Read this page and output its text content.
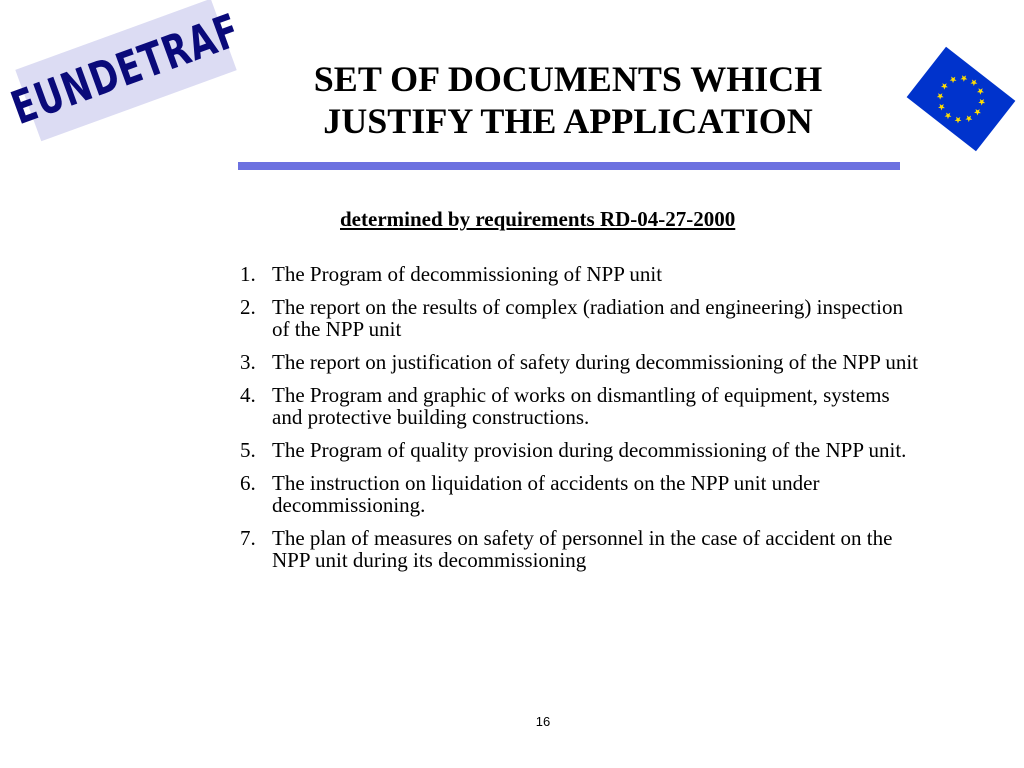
EUNDETRAF	SET OF DOCUMENTS WHICH
JUSTIFY THE APPLICATION
determined by requirements RD-04-27-2000
1. The Program of decommissioning of NPP unit
2. The report on the results of complex (radiation and engineering) inspection of the NPP unit
3. The report on justification of safety during decommissioning of the NPP unit
4. The Program and graphic of works on dismantling of equipment, systems and protective building constructions.
5. The Program of quality provision during decommissioning of the NPP unit.
6. The instruction on liquidation of accidents on the NPP unit under decommissioning.
7. The plan of measures on safety of personnel in the case of accident on the NPP unit during its decommissioning
16
